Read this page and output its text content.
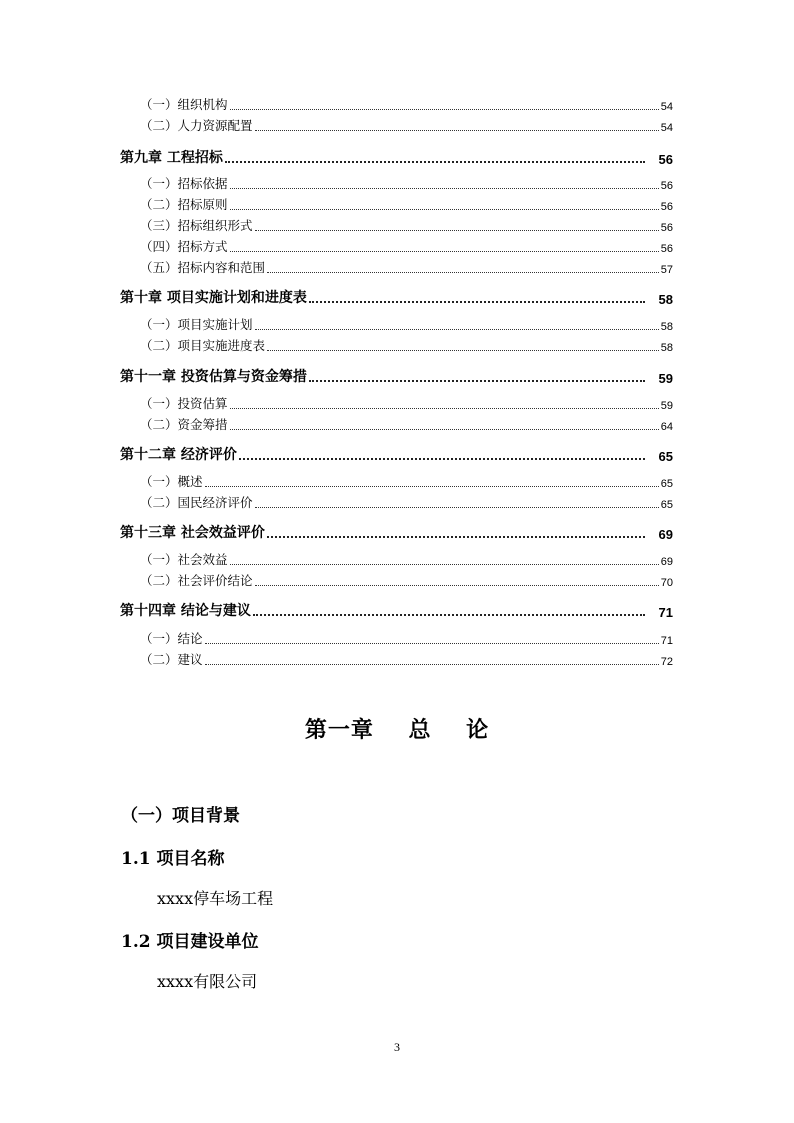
（一）组织机构	54
（二）人力资源配置	54
第九章 工程招标	56
（一）招标依据	56
（二）招标原则	56
（三）招标组织形式	56
（四）招标方式	56
（五）招标内容和范围	57
第十章 项目实施计划和进度表	58
（一）项目实施计划	58
（二）项目实施进度表	58
第十一章 投资估算与资金筹措	59
（一）投资估算	59
（二）资金筹措	64
第十二章 经济评价	65
（一）概述	65
（二）国民经济评价	65
第十三章 社会效益评价	69
（一）社会效益	69
（二）社会评价结论	70
第十四章 结论与建议	71
（一）结论	71
（二）建议	72
第一章    总    论
（一）项目背景
1.1 项目名称
xxxx停车场工程
1.2 项目建设单位
xxxx有限公司
3
